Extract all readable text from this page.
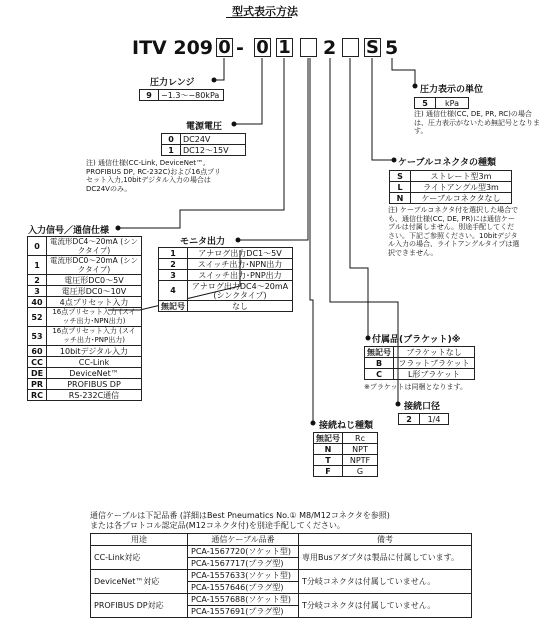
型式表示方法
ITV 209 0 - 0 1 2 S 5
圧力レンジ
9	−1.3〜−80kPa
電源電圧
0	DC24V
1	DC12〜15V
注) 通信仕様(CC-Link, DeviceNet™, PROFIBUS DP, RC-232C)および16点プリセット入力,10bitデジタル入力の場合はDC24Vのみ。
入力信号／通信仕様
0	電流形DC4〜20mA (シンクタイプ)
1	電流形DC0〜20mA (シンクタイプ)
2	電圧形DC0〜5V
3	電圧形DC0〜10V
40	4点プリセット入力
52	16点プリセット入力 (スイッチ出力･NPN出力)
53	16点プリセット入力 (スイッチ出力･PNP出力)
60	10bitデジタル入力
CC	CC-Link
DE	DeviceNet™
PR	PROFIBUS DP
RC	RS-232C通信
モニタ出力
1	アナログ出力DC1〜5V
2	スイッチ出力･NPN出力
3	スイッチ出力･PNP出力
4	アナログ出力DC4〜20mA (シンクタイプ)
無記号	なし
圧力表示の単位
5	kPa
注) 通信仕様(CC, DE, PR, RC)の場合は、圧力表示がないため無記号となります。
ケーブルコネクタの種類
S	ストレート型3m
L	ライトアングル型3m
N	ケーブルコネクタなし
注) ケーブルコネクタ付を選択した場合でも、通信仕様(CC, DE, PR)には通信ケーブルは付属しません。別途手配してください。下記ご参照ください。10bitデジタル入力の場合、ライトアングルタイプは選択できません。
付属品(ブラケット)※
無記号	ブラケットなし
B	フラットブラケット
C	L形ブラケット
※ブラケットは同梱となります。
接続口径
2	1/4
接続ねじ種類
無記号	Rc
N	NPT
T	NPTF
F	G
通信ケーブルは下記品番 (詳細はBest Pneumatics No.① M8/M12コネクタを参照)
または各プロトコル認定品(M12コネクタ付)を別途手配してください。
用途	通信ケーブル品番	備考
CC-Link対応	PCA-1567720(ソケット型)	専用Busアダプタは製品に付属しています。
	PCA-1567717(プラグ型)	
DeviceNet™対応	PCA-1557633(ソケット型)	T分岐コネクタは付属していません。
	PCA-1557646(プラグ型)	
PROFIBUS DP対応	PCA-1557688(ソケット型)	T分岐コネクタは付属していません。
	PCA-1557691(プラグ型)	
